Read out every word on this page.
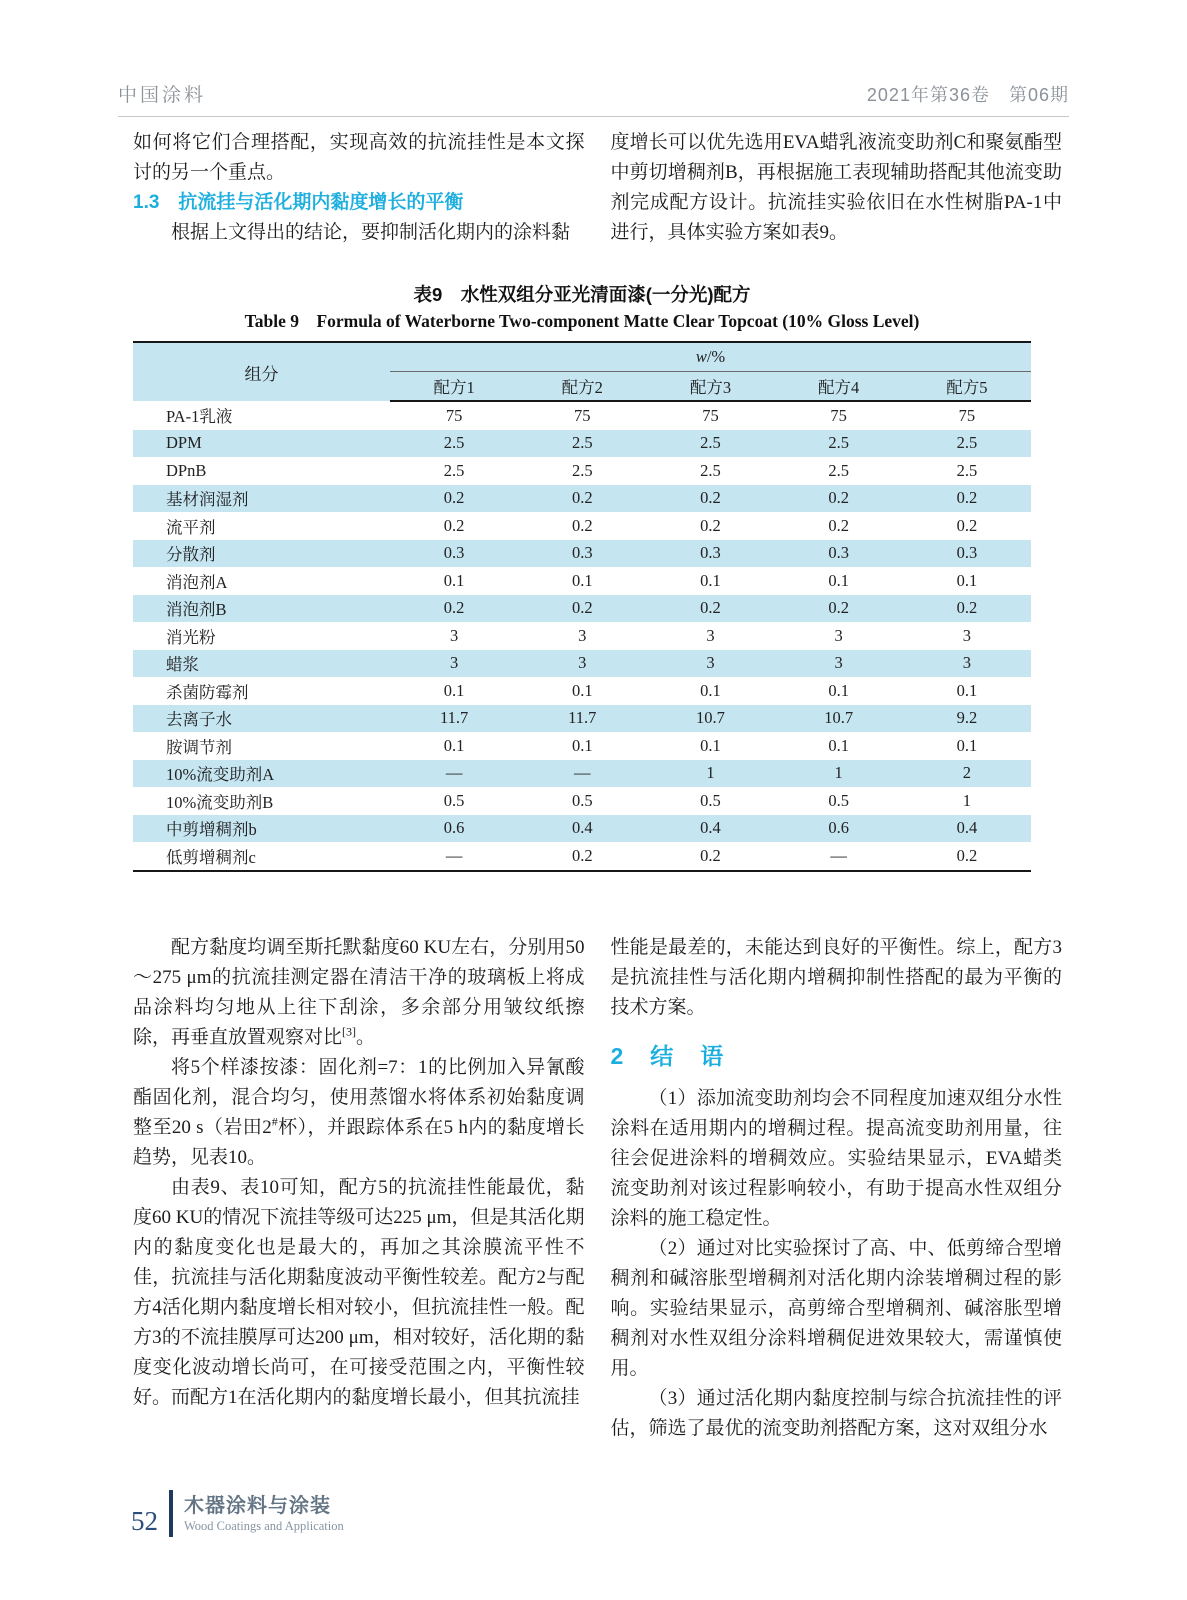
中国涂料	2021年第36卷　第06期

如何将它们合理搭配，实现高效的抗流挂性是本文探讨的另一个重点。

1.3　抗流挂与活化期内黏度增长的平衡

根据上文得出的结论，要抑制活化期内的涂料黏

度增长可以优先选用EVA蜡乳液流变助剂C和聚氨酯型中剪切增稠剂B，再根据施工表现辅助搭配其他流变助剂完成配方设计。抗流挂实验依旧在水性树脂PA-1中进行，具体实验方案如表9。

表9　水性双组分亚光清面漆(一分光)配方

Table 9　Formula of Waterborne Two-component Matte Clear Topcoat (10% Gloss Level)

组分	w/%				
	配方1	配方2	配方3	配方4	配方5
PA-1乳液	75	75	75	75	75
DPM	2.5	2.5	2.5	2.5	2.5
DPnB	2.5	2.5	2.5	2.5	2.5
基材润湿剂	0.2	0.2	0.2	0.2	0.2
流平剂	0.2	0.2	0.2	0.2	0.2
分散剂	0.3	0.3	0.3	0.3	0.3
消泡剂A	0.1	0.1	0.1	0.1	0.1
消泡剂B	0.2	0.2	0.2	0.2	0.2
消光粉	3	3	3	3	3
蜡浆	3	3	3	3	3
杀菌防霉剂	0.1	0.1	0.1	0.1	0.1
去离子水	11.7	11.7	10.7	10.7	9.2
胺调节剂	0.1	0.1	0.1	0.1	0.1
10%流变助剂A	—	—	1	1	2
10%流变助剂B	0.5	0.5	0.5	0.5	1
中剪增稠剂b	0.6	0.4	0.4	0.6	0.4
低剪增稠剂c	—	0.2	0.2	—	0.2

配方黏度均调至斯托默黏度60 KU左右，分别用50～275 μm的抗流挂测定器在清洁干净的玻璃板上将成品涂料均匀地从上往下刮涂，多余部分用皱纹纸擦除，再垂直放置观察对比[3]。

将5个样漆按漆：固化剂=7：1的比例加入异氰酸酯固化剂，混合均匀，使用蒸馏水将体系初始黏度调整至20 s（岩田2#杯），并跟踪体系在5 h内的黏度增长趋势，见表10。

由表9、表10可知，配方5的抗流挂性能最优，黏度60 KU的情况下流挂等级可达225 μm，但是其活化期内的黏度变化也是最大的，再加之其涂膜流平性不佳，抗流挂与活化期黏度波动平衡性较差。配方2与配方4活化期内黏度增长相对较小，但抗流挂性一般。配方3的不流挂膜厚可达200 μm，相对较好，活化期的黏度变化波动增长尚可，在可接受范围之内，平衡性较好。而配方1在活化期内的黏度增长最小，但其抗流挂

性能是最差的，未能达到良好的平衡性。综上，配方3是抗流挂性与活化期内增稠抑制性搭配的最为平衡的技术方案。

2　结　语

（1）添加流变助剂均会不同程度加速双组分水性涂料在适用期内的增稠过程。提高流变助剂用量，往往会促进涂料的增稠效应。实验结果显示，EVA蜡类流变助剂对该过程影响较小，有助于提高水性双组分涂料的施工稳定性。

（2）通过对比实验探讨了高、中、低剪缔合型增稠剂和碱溶胀型增稠剂对活化期内涂装增稠过程的影响。实验结果显示，高剪缔合型增稠剂、碱溶胀型增稠剂对水性双组分涂料增稠促进效果较大，需谨慎使用。

（3）通过活化期内黏度控制与综合抗流挂性的评估，筛选了最优的流变助剂搭配方案，这对双组分水

52
木器涂料与涂装
Wood Coatings and Application
